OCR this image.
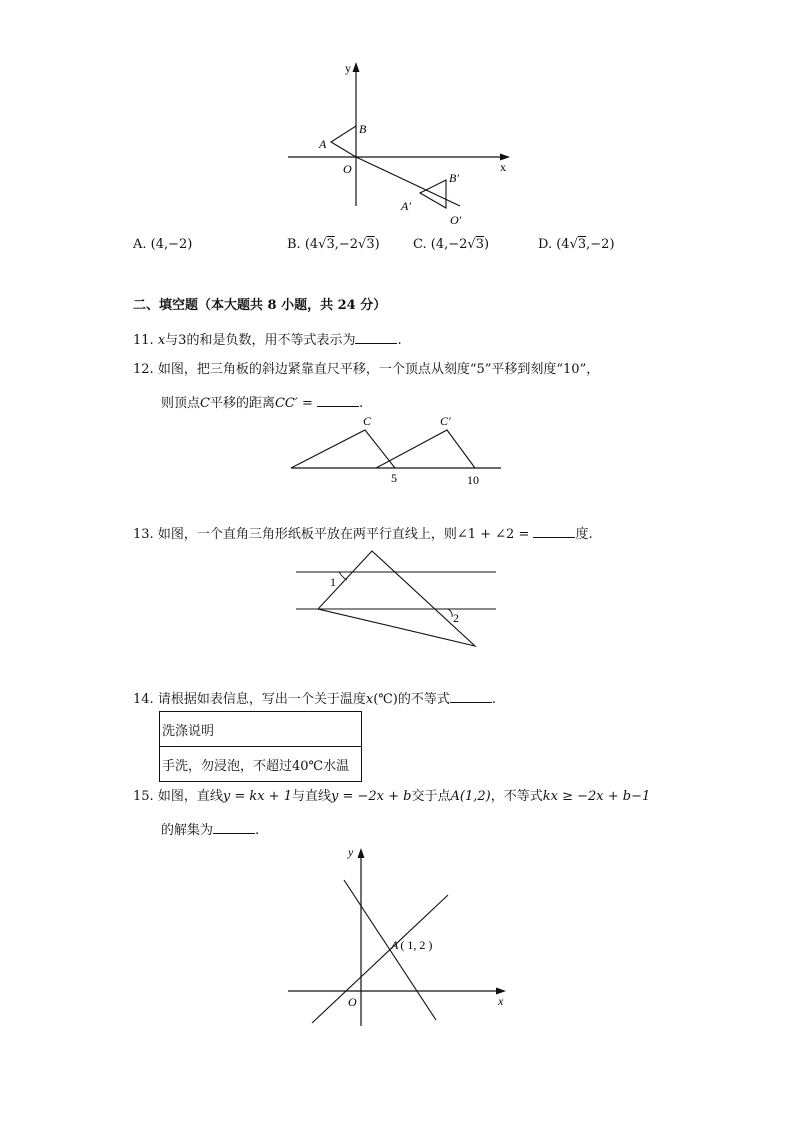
y
x
O
A
B
A′
B′
O′
A. (4,−2)	B. (4√3,−2√3)	C. (4,−2√3)	D. (4√3,−2)
二、填空题（本大题共 8 小题，共 24 分）
11. x与3的和是负数，用不等式表示为	.
12. 如图，把三角板的斜边紧靠直尺平移，一个顶点从刻度“5”平移到刻度“10”，
则顶点C平移的距离CC′ =	.
C	C′
5	10
13. 如图，一个直角三角形纸板平放在两平行直线上，则∠1 + ∠2 =	度.
1
2
14. 请根据如表信息，写出一个关于温度x(℃)的不等式	.
洗涤说明
手洗，勿浸泡，不超过40℃水温
15. 如图，直线y = kx + 1与直线y = −2x + b交于点A(1,2)，不等式kx ≥ −2x + b−1
的解集为	.
y
x
O
A ( 1, 2 )
